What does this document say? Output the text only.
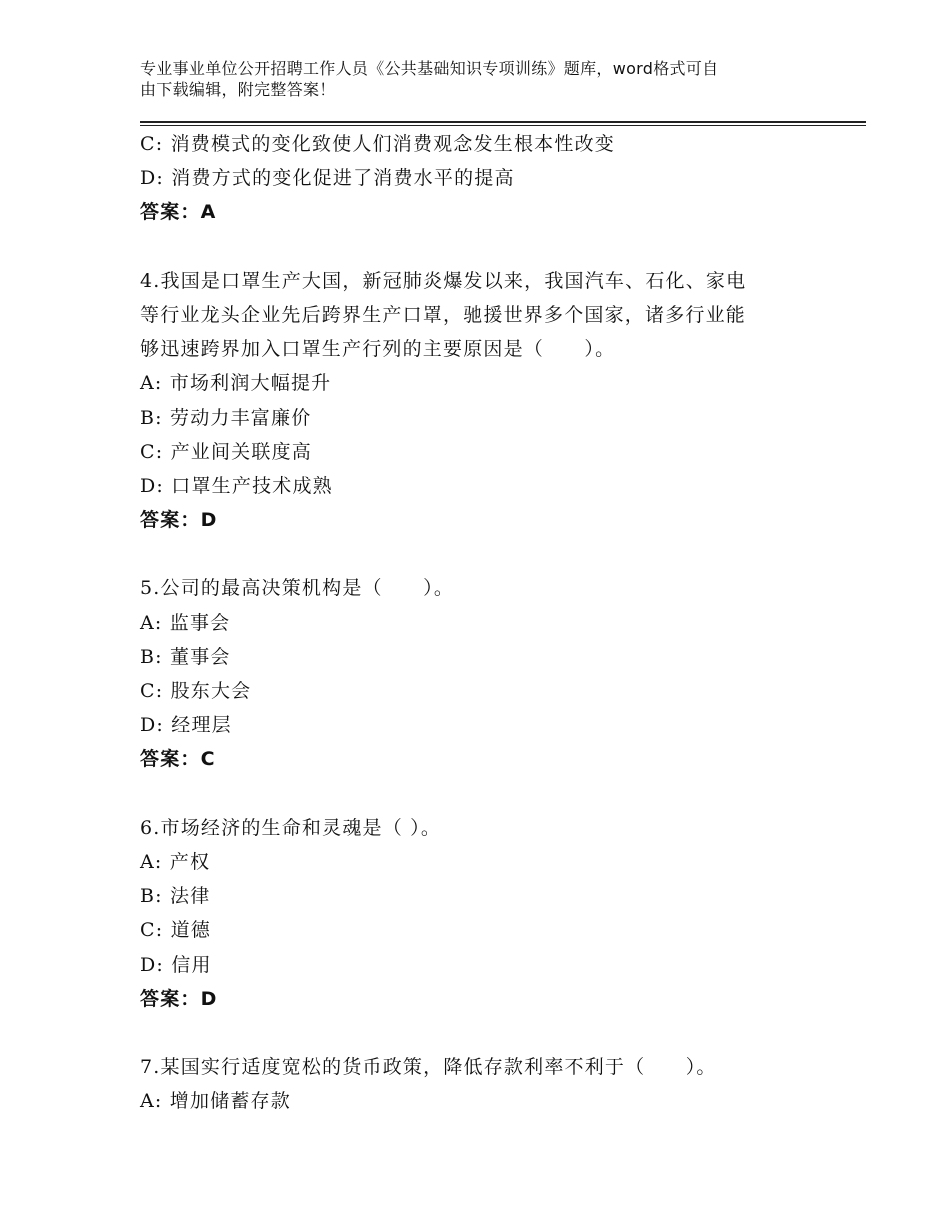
专业事业单位公开招聘工作人员《公共基础知识专项训练》题库，word格式可自
由下载编辑，附完整答案！
C: 消费模式的变化致使人们消费观念发生根本性改变
D: 消费方式的变化促进了消费水平的提高
答案：A
4.我国是口罩生产大国，新冠肺炎爆发以来，我国汽车、石化、家电
等行业龙头企业先后跨界生产口罩，驰援世界多个国家，诸多行业能
够迅速跨界加入口罩生产行列的主要原因是（　　）。
A: 市场利润大幅提升
B: 劳动力丰富廉价
C: 产业间关联度高
D: 口罩生产技术成熟
答案：D
5.公司的最高决策机构是（　　）。
A: 监事会
B: 董事会
C: 股东大会
D: 经理层
答案：C
6.市场经济的生命和灵魂是（ ）。
A: 产权
B: 法律
C: 道德
D: 信用
答案：D
7.某国实行适度宽松的货币政策，降低存款利率不利于（　　）。
A: 增加储蓄存款
